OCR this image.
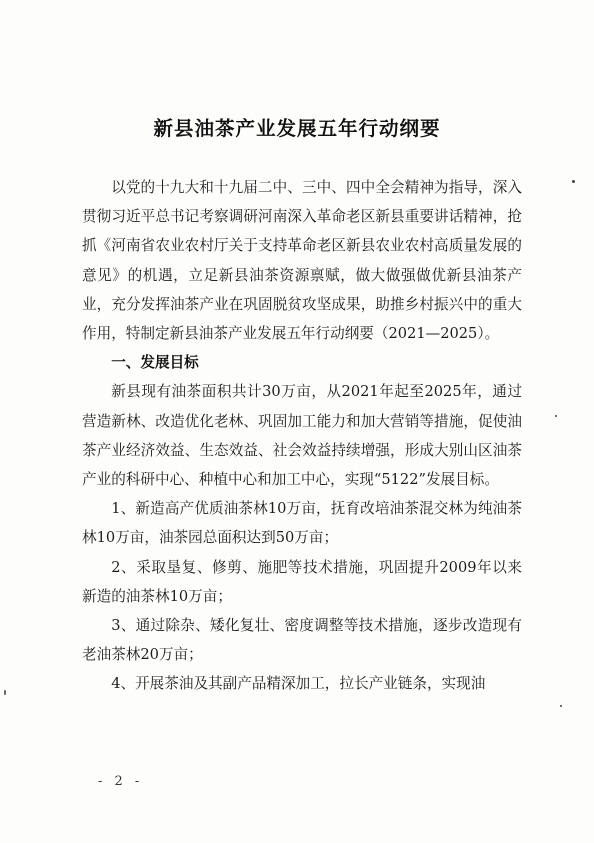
新县油茶产业发展五年行动纲要

以党的十九大和十九届二中、三中、四中全会精神为指导，深入贯彻习近平总书记考察调研河南深入革命老区新县重要讲话精神，抢抓《河南省农业农村厅关于支持革命老区新县农业农村高质量发展的意见》的机遇，立足新县油茶资源禀赋，做大做强做优新县油茶产业，充分发挥油茶产业在巩固脱贫攻坚成果，助推乡村振兴中的重大作用，特制定新县油茶产业发展五年行动纲要（2021—2025）。

一、发展目标

新县现有油茶面积共计30万亩，从2021年起至2025年，通过营造新林、改造优化老林、巩固加工能力和加大营销等措施，促使油茶产业经济效益、生态效益、社会效益持续增强，形成大别山区油茶产业的科研中心、种植中心和加工中心，实现“5122”发展目标。

1、新造高产优质油茶林10万亩，抚育改培油茶混交林为纯油茶林10万亩，油茶园总面积达到50万亩；

2、采取垦复、修剪、施肥等技术措施，巩固提升2009年以来新造的油茶林10万亩；

3、通过除杂、矮化复壮、密度调整等技术措施，逐步改造现有老油茶林20万亩；

4、开展茶油及其副产品精深加工，拉长产业链条，实现油

- 2 -
